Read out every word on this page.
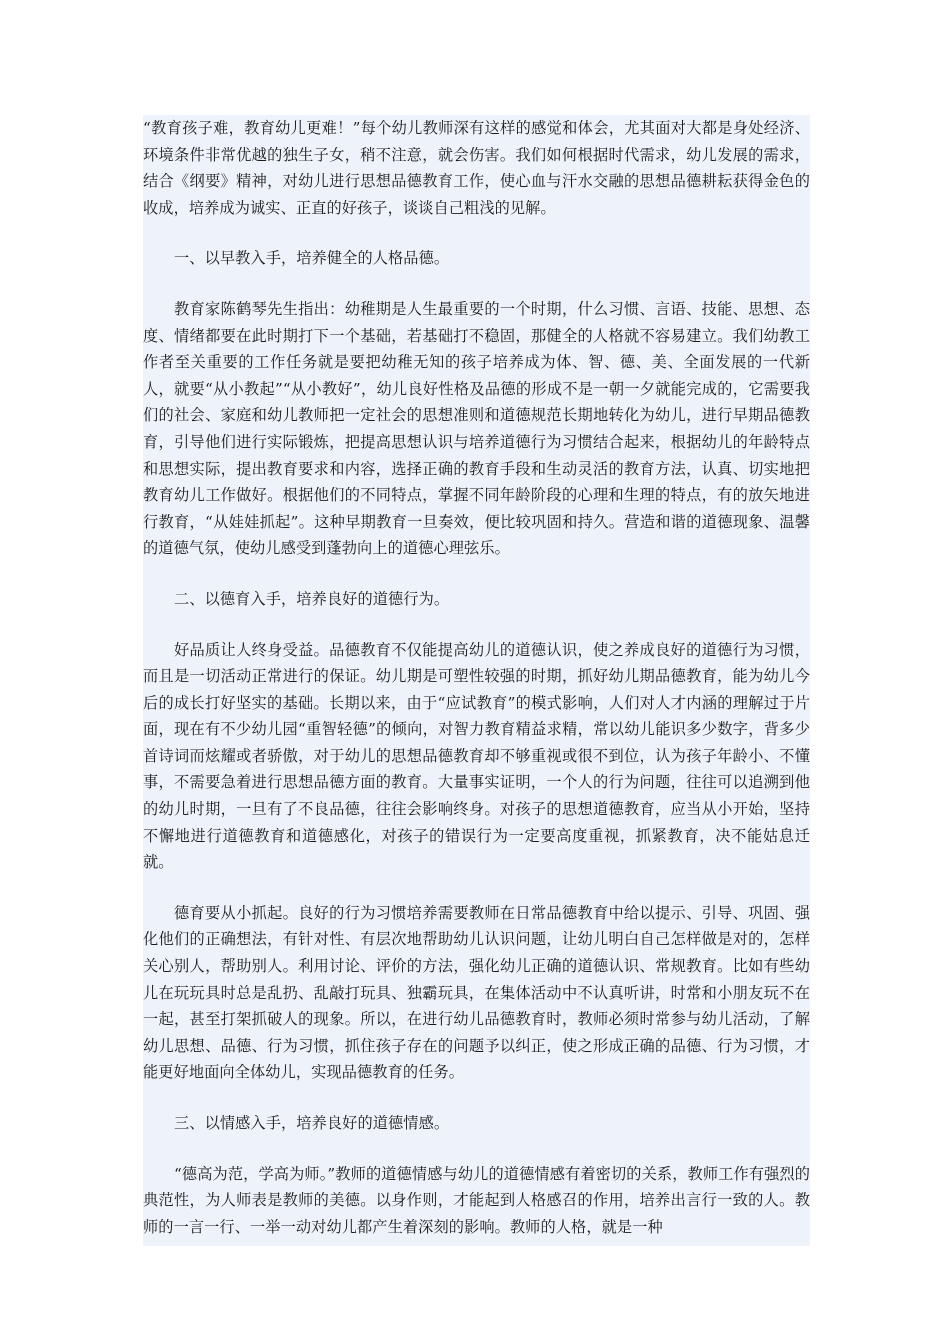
“教育孩子难，教育幼儿更难！”每个幼儿教师深有这样的感觉和体会，尤其面对大都是身处经济、环境条件非常优越的独生子女，稍不注意，就会伤害。我们如何根据时代需求，幼儿发展的需求，结合《纲要》精神，对幼儿进行思想品德教育工作，使心血与汗水交融的思想品德耕耘获得金色的收成，培养成为诚实、正直的好孩子，谈谈自己粗浅的见解。

一、以早教入手，培养健全的人格品德。

教育家陈鹤琴先生指出：幼稚期是人生最重要的一个时期，什么习惯、言语、技能、思想、态度、情绪都要在此时期打下一个基础，若基础打不稳固，那健全的人格就不容易建立。我们幼教工作者至关重要的工作任务就是要把幼稚无知的孩子培养成为体、智、德、美、全面发展的一代新人，就要“从小教起”“从小教好”，幼儿良好性格及品德的形成不是一朝一夕就能完成的，它需要我们的社会、家庭和幼儿教师把一定社会的思想准则和道德规范长期地转化为幼儿，进行早期品德教育，引导他们进行实际锻炼，把提高思想认识与培养道德行为习惯结合起来，根据幼儿的年龄特点和思想实际，提出教育要求和内容，选择正确的教育手段和生动灵活的教育方法，认真、切实地把教育幼儿工作做好。根据他们的不同特点，掌握不同年龄阶段的心理和生理的特点，有的放矢地进行教育，“从娃娃抓起”。这种早期教育一旦奏效，便比较巩固和持久。营造和谐的道德现象、温馨的道德气氛，使幼儿感受到蓬勃向上的道德心理弦乐。

二、以德育入手，培养良好的道德行为。

好品质让人终身受益。品德教育不仅能提高幼儿的道德认识，使之养成良好的道德行为习惯，而且是一切活动正常进行的保证。幼儿期是可塑性较强的时期，抓好幼儿期品德教育，能为幼儿今后的成长打好坚实的基础。长期以来，由于“应试教育”的模式影响，人们对人才内涵的理解过于片面，现在有不少幼儿园“重智轻德”的倾向，对智力教育精益求精，常以幼儿能识多少数字，背多少首诗词而炫耀或者骄傲，对于幼儿的思想品德教育却不够重视或很不到位，认为孩子年龄小、不懂事，不需要急着进行思想品德方面的教育。大量事实证明，一个人的行为问题，往往可以追溯到他的幼儿时期，一旦有了不良品德，往往会影响终身。对孩子的思想道德教育，应当从小开始，坚持不懈地进行道德教育和道德感化，对孩子的错误行为一定要高度重视，抓紧教育，决不能姑息迁就。

德育要从小抓起。良好的行为习惯培养需要教师在日常品德教育中给以提示、引导、巩固、强化他们的正确想法，有针对性、有层次地帮助幼儿认识问题，让幼儿明白自己怎样做是对的，怎样关心别人，帮助别人。利用讨论、评价的方法，强化幼儿正确的道德认识、常规教育。比如有些幼儿在玩玩具时总是乱扔、乱敲打玩具、独霸玩具，在集体活动中不认真听讲，时常和小朋友玩不在一起，甚至打架抓破人的现象。所以，在进行幼儿品德教育时，教师必须时常参与幼儿活动，了解幼儿思想、品德、行为习惯，抓住孩子存在的问题予以纠正，使之形成正确的品德、行为习惯，才能更好地面向全体幼儿，实现品德教育的任务。

三、以情感入手，培养良好的道德情感。

“德高为范，学高为师。”教师的道德情感与幼儿的道德情感有着密切的关系，教师工作有强烈的典范性，为人师表是教师的美德。以身作则，才能起到人格感召的作用，培养出言行一致的人。教师的一言一行、一举一动对幼儿都产生着深刻的影响。教师的人格，就是一种
